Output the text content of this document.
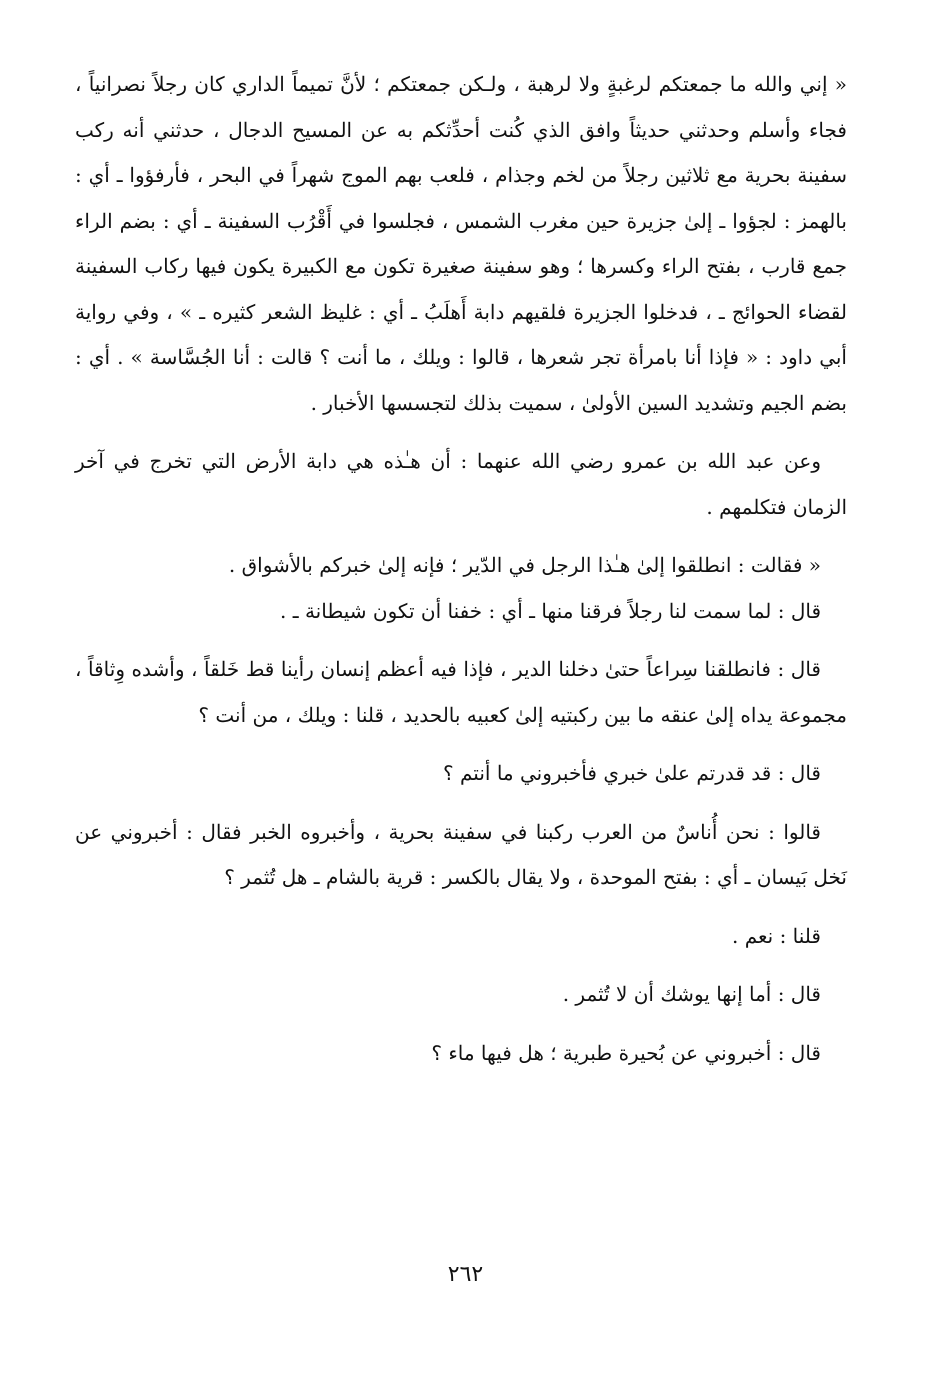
« إني والله ما جمعتكم لرغبةٍ ولا لرهبة ، ولـكن جمعتكم ؛ لأنَّ تميماً الداري كان رجلاً نصرانياً ، فجاء وأسلم وحدثني حديثاً وافق الذي كُنت أحدِّثكم به عن المسيح الدجال ، حدثني أنه ركب سفينة بحرية مع ثلاثين رجلاً من لخم وجذام ، فلعب بهم الموج شهراً في البحر ، فأرفؤوا ـ أي : بالهمز : لجؤوا ـ إلىٰ جزيرة حين مغرب الشمس ، فجلسوا في أَقْرُب السفينة ـ أي : بضم الراء جمع قارب ، بفتح الراء وكسرها ؛ وهو سفينة صغيرة تكون مع الكبيرة يكون فيها ركاب السفينة لقضاء الحوائج ـ ، فدخلوا الجزيرة فلقيهم دابة أَهلَبُ ـ أي : غليظ الشعر كثيره ـ » ، وفي رواية أبي داود : « فإذا أنا بامرأة تجر شعرها ، قالوا : ويلك ، ما أنت ؟ قالت : أنا الجُسَّاسة » . أي : بضم الجيم وتشديد السين الأولىٰ ، سميت بذلك لتجسسها الأخبار .

وعن عبد الله بن عمرو رضي الله عنهما : أن هـٰذه هي دابة الأرض التي تخرج في آخر الزمان فتكلمهم .

« فقالت : انطلقوا إلىٰ هـٰذا الرجل في الدّير ؛ فإنه إلىٰ خبركم بالأشواق .

قال : لما سمت لنا رجلاً فرقنا منها ـ أي : خفنا أن تكون شيطانة ـ .

قال : فانطلقنا سِراعاً حتىٰ دخلنا الدير ، فإذا فيه أعظم إنسان رأينا قط خَلقاً ، وأشده وِثاقاً ، مجموعة يداه إلىٰ عنقه ما بين ركبتيه إلىٰ كعبيه بالحديد ، قلنا : ويلك ، من أنت ؟

قال : قد قدرتم علىٰ خبري فأخبروني ما أنتم ؟

قالوا : نحن أُناسٌ من العرب ركبنا في سفينة بحرية ، وأخبروه الخبر فقال : أخبروني عن نَخل بَيسان ـ أي : بفتح الموحدة ، ولا يقال بالكسر : قرية بالشام ـ هل تُثمر ؟

قلنا : نعم .

قال : أما إنها يوشك أن لا تُثمر .

قال : أخبروني عن بُحيرة طبرية ؛ هل فيها ماء ؟

٢٦٢
